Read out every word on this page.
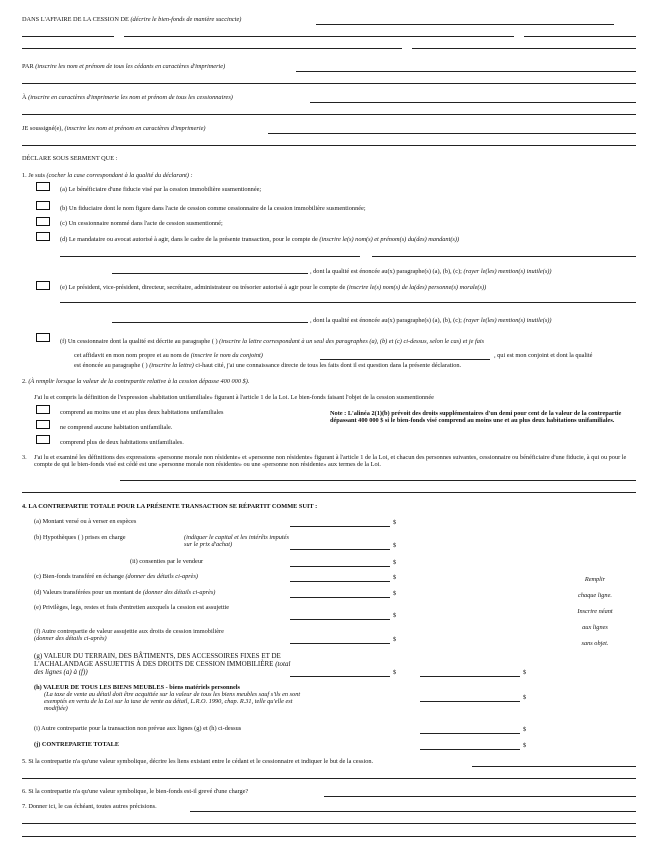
DANS L'AFFAIRE DE LA CESSION DE (décrire le bien-fonds de manière succincte)
PAR (inscrire les nom et prénom de tous les cédants en caractères d'imprimerie)
À (inscrire en caractères d'imprimerie les nom et prénom de tous les cessionnaires)
JE soussigné(e), (inscrire les nom et prénom en caractères d'imprimerie)
DÉCLARE SOUS SERMENT QUE :
1. Je suis (cocher la case correspondant à la qualité du déclarant) :
(a) Le bénéficiaire d'une fiducie visé par la cession immobilière susmentionnée;
(b) Un fiduciaire dont le nom figure dans l'acte de cession comme cessionnaire de la cession immobilière susmentionnée;
(c) Un cessionnaire nommé dans l'acte de cession susmentionné;
(d) Le mandataire ou avocat autorisé à agir, dans le cadre de la présente transaction, pour le compte de (inscrire le(s) nom(s) et prénom(s) du(des) mandant(s))
, dont la qualité est énoncée au(x) paragraphe(s) (a), (b), (c); (rayer le(les) mention(s) inutile(s))
(e) Le président, vice-président, directeur, secrétaire, administrateur ou trésorier autorisé à agir pour le compte de (inscrire le(s) nom(s) de la(des) personne(s) morale(s))
, dont la qualité est énoncée au(x) paragraphe(s) (a), (b), (c); (rayer le(les) mention(s) inutile(s))
(f) Un cessionnaire dont la qualité est décrite au paragraphe ( ) (inscrire la lettre correspondant à un seul des paragraphes (a), (b) et (c) ci-dessus, selon le cas) et je fais
cet affidavit en mon nom propre et au nom de (inscrire le nom du conjoint)	, qui est mon conjoint et dont la qualité
est énoncée au paragraphe ( ) (inscrire la lettre) ci-haut cité, j'ai une connaissance directe de tous les faits dont il est question dans la présente déclaration.
2. (À remplir lorsque la valeur de la contrepartie relative à la cession dépasse 400 000 $).
J'ai lu et compris la définition de l'expression «habitation unifamiliale» figurant à l'article 1 de la Loi. Le bien-fonds faisant l'objet de la cession susmentionnée
comprend au moins une et au plus deux habitations unifamiliales
ne comprend aucune habitation unifamiliale.
comprend plus de deux habitations unifamiliales.
Note : L'alinéa 2(1)(b) prévoit des droits supplémentaires d'un demi pour cent de la valeur de la contrepartie dépassant 400 000 $ si le bien-fonds visé comprend au moins une et au plus deux habitations unifamiliales.
3. J'ai lu et examiné les définitions des expressions «personne morale non résidente» et «personne non résidente» figurant à l'article 1 de la Loi, et chacun des personnes suivantes, cessionnaire ou bénéficiaire d'une fiducie, à qui ou pour le compte de qui le bien-fonds visé est cédé est une «personne morale non résidente» ou une «personne non résidente» aux termes de la Loi.
4. LA CONTREPARTIE TOTALE POUR LA PRÉSENTE TRANSACTION SE RÉPARTIT COMME SUIT :
(a) Montant versé ou à verser en espèces	$
(b) Hypothèques ( ) prises en charge	(indiquer le capital et les intérêts imputés sur le prix d'achat)	$
(ii) consenties par le vendeur	$
(c) Bien-fonds transféré en échange (donner des détails ci-après)	$
(d) Valeurs transférées pour un montant de (donner des détails ci-après)	$
(e) Privilèges, legs, restes et frais d'entretien auxquels la cession est assujettie
$
(f) Autre contrepartie de valeur assujettie aux droits de cession immobilière (donner des détails ci-après)	$
(g) VALEUR DU TERRAIN, DES BÂTIMENTS, DES ACCESSOIRES FIXES ET DE L'ACHALANDAGE ASSUJETTIS À DES DROITS DE CESSION IMMOBILIÈRE (total des lignes (a) à (f))	$	$
(h) VALEUR DE TOUS LES BIENS MEUBLES - biens matériels personnels
(La taxe de vente au détail doit être acquittée sur la valeur de tous les biens meubles sauf s'ils en sont exemptés en vertu de la Loi sur la taxe de vente au détail, L.R.O. 1990, chap. R.31, telle qu'elle est modifiée)
$
(i) Autre contrepartie pour la transaction non prévue aux lignes (g) et (h) ci-dessus	$
(j) CONTREPARTIE TOTALE	$
Remplir
chaque ligne.
Inscrire néant
aux lignes
sans objet.
5. Si la contrepartie n'a qu'une valeur symbolique, décrire les liens existant entre le cédant et le cessionnaire et indiquer le but de la cession.
6. Si la contrepartie n'a qu'une valeur symbolique, le bien-fonds est-il grevé d'une charge?
7. Donner ici, le cas échéant, toutes autres précisions.
